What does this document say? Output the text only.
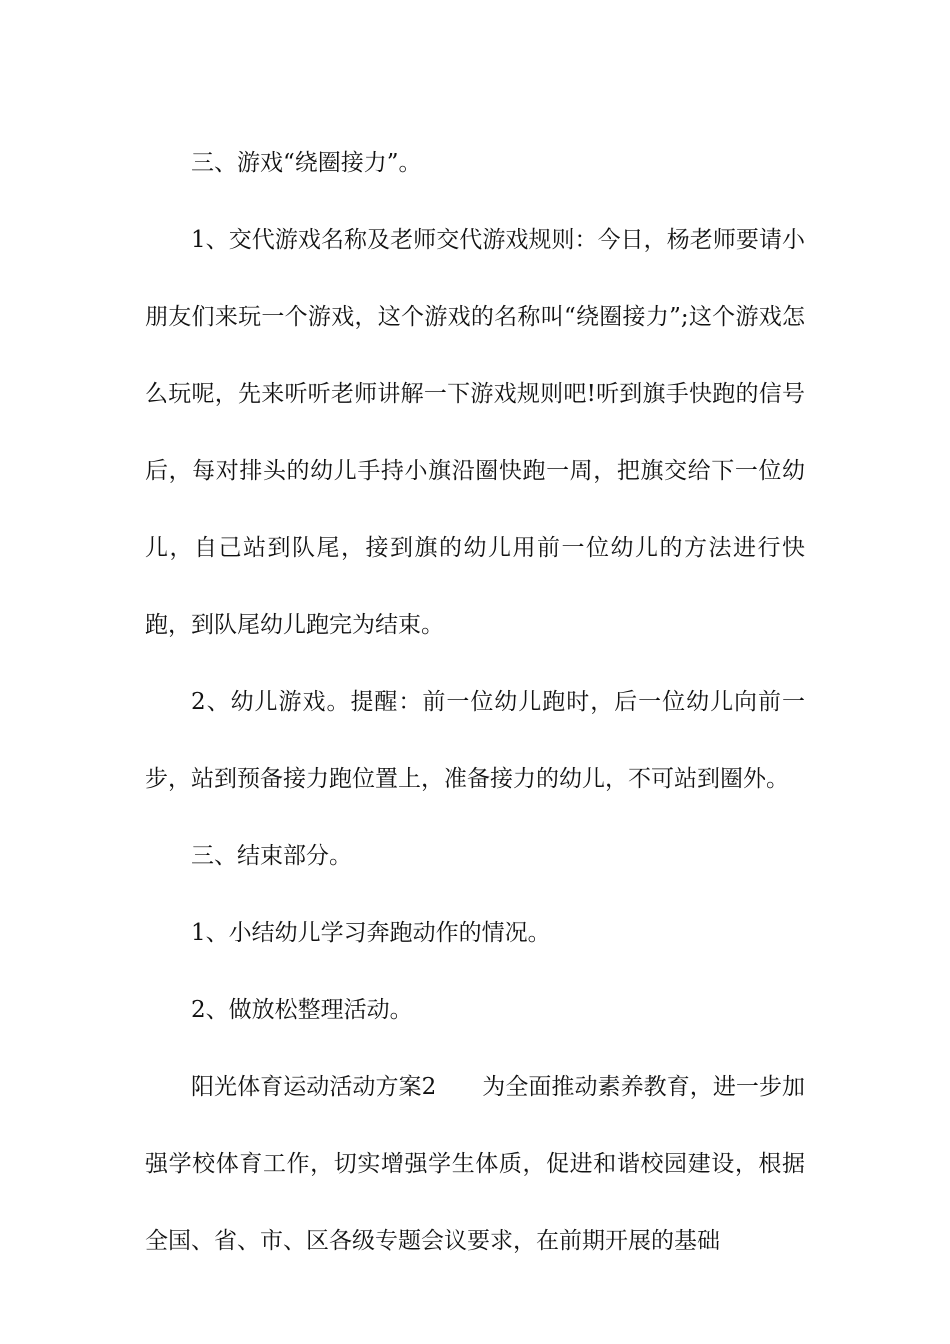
三、游戏“绕圈接力”。

1、交代游戏名称及老师交代游戏规则：今日，杨老师要请小朋友们来玩一个游戏，这个游戏的名称叫“绕圈接力”;这个游戏怎么玩呢，先来听听老师讲解一下游戏规则吧!听到旗手快跑的信号后，每对排头的幼儿手持小旗沿圈快跑一周，把旗交给下一位幼儿，自己站到队尾，接到旗的幼儿用前一位幼儿的方法进行快跑，到队尾幼儿跑完为结束。

2、幼儿游戏。提醒：前一位幼儿跑时，后一位幼儿向前一步，站到预备接力跑位置上，准备接力的幼儿，不可站到圈外。

三、结束部分。

1、小结幼儿学习奔跑动作的情况。

2、做放松整理活动。

阳光体育运动活动方案2 为全面推动素养教育，进一步加强学校体育工作，切实增强学生体质，促进和谐校园建设，根据全国、省、市、区各级专题会议要求，在前期开展的基础
